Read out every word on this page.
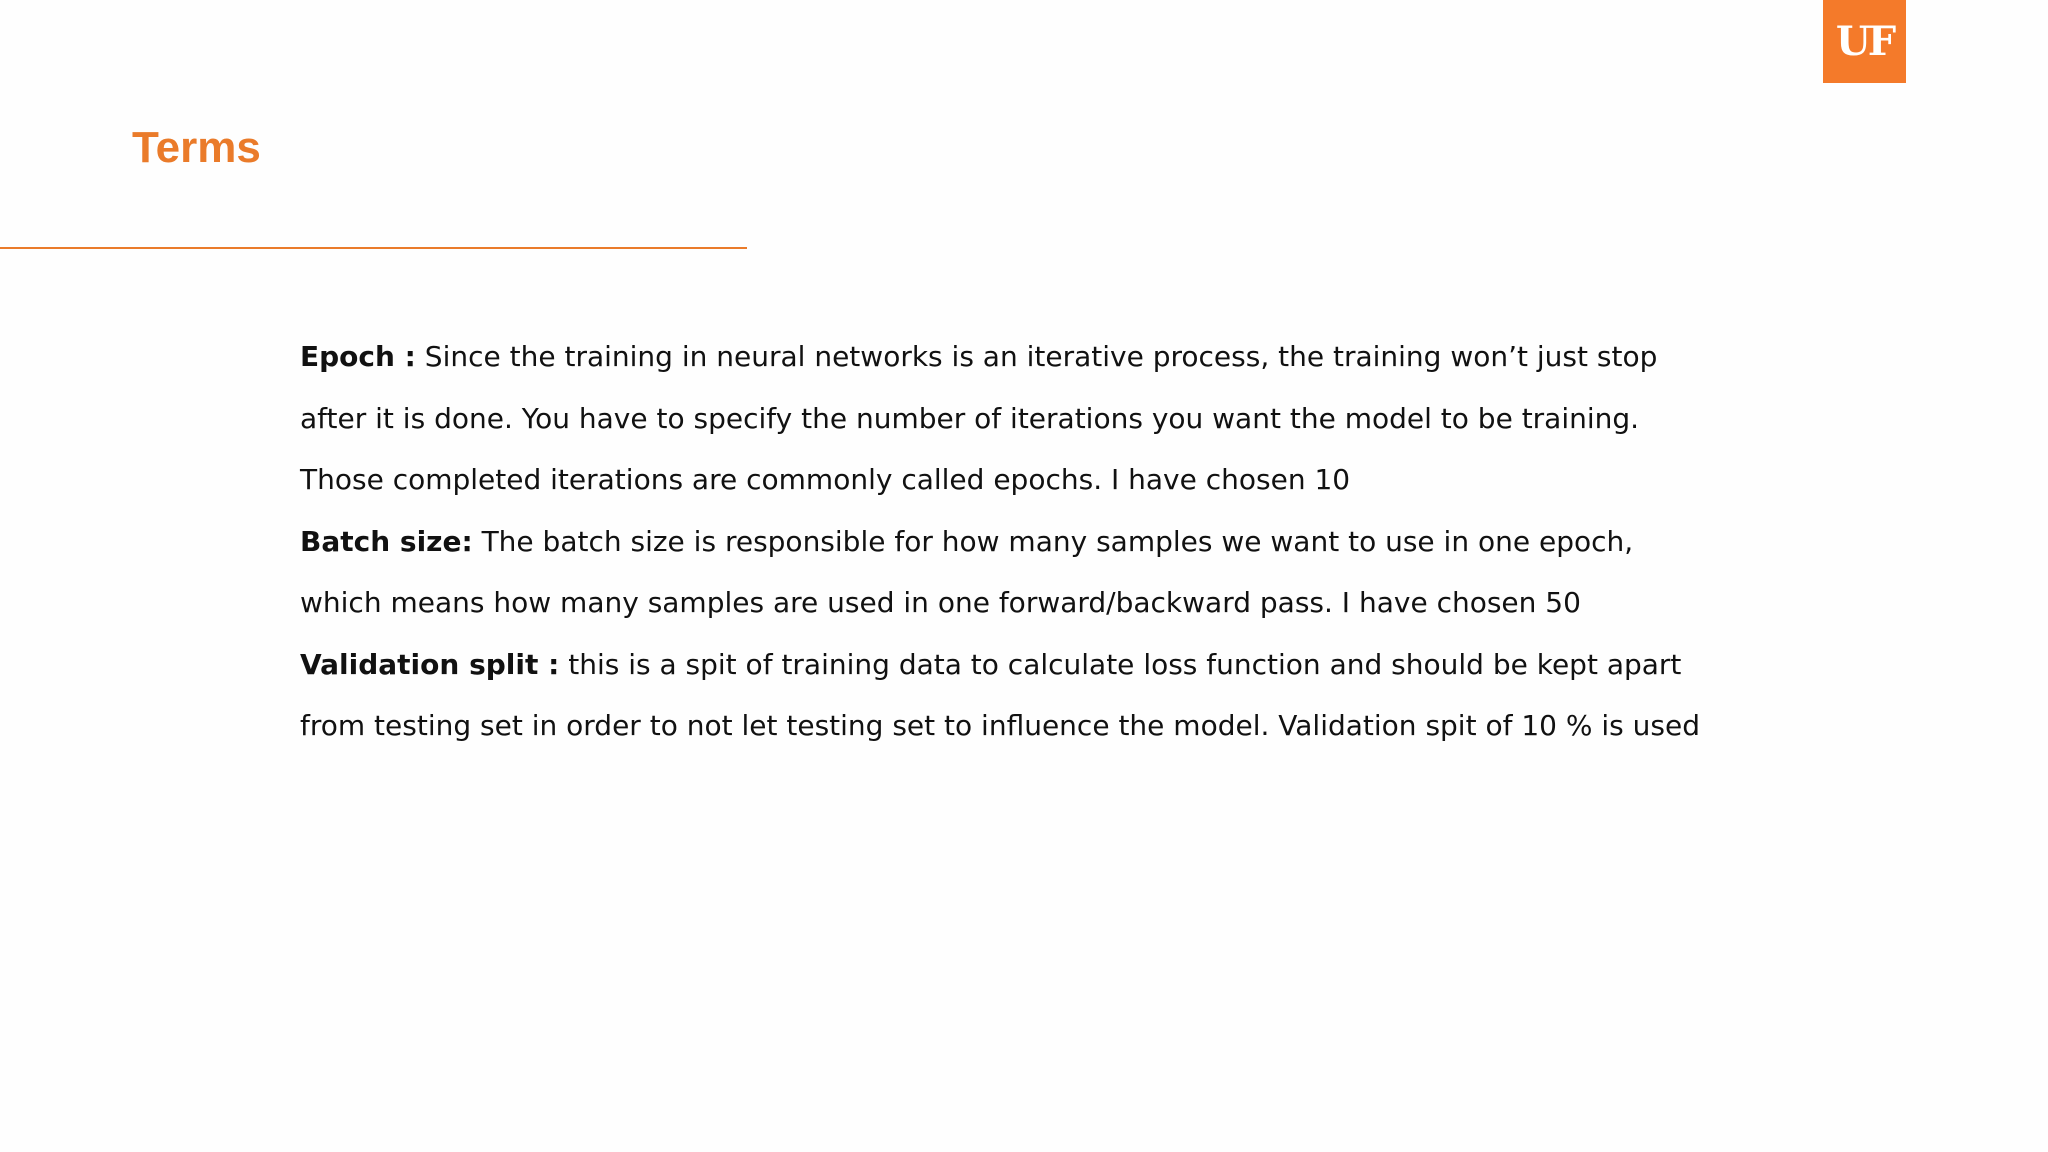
UF
Terms

Epoch : Since the training in neural networks is an iterative process, the training won’t just stop after it is done. You have to specify the number of iterations you want the model to be training. Those completed iterations are commonly called epochs. I have chosen 10

Batch size: The batch size is responsible for how many samples we want to use in one epoch, which means how many samples are used in one forward/backward pass. I have chosen 50

Validation split : this is a spit of training data to calculate loss function and should be kept apart from testing set in order to not let testing set to influence the model. Validation spit of 10 % is used
